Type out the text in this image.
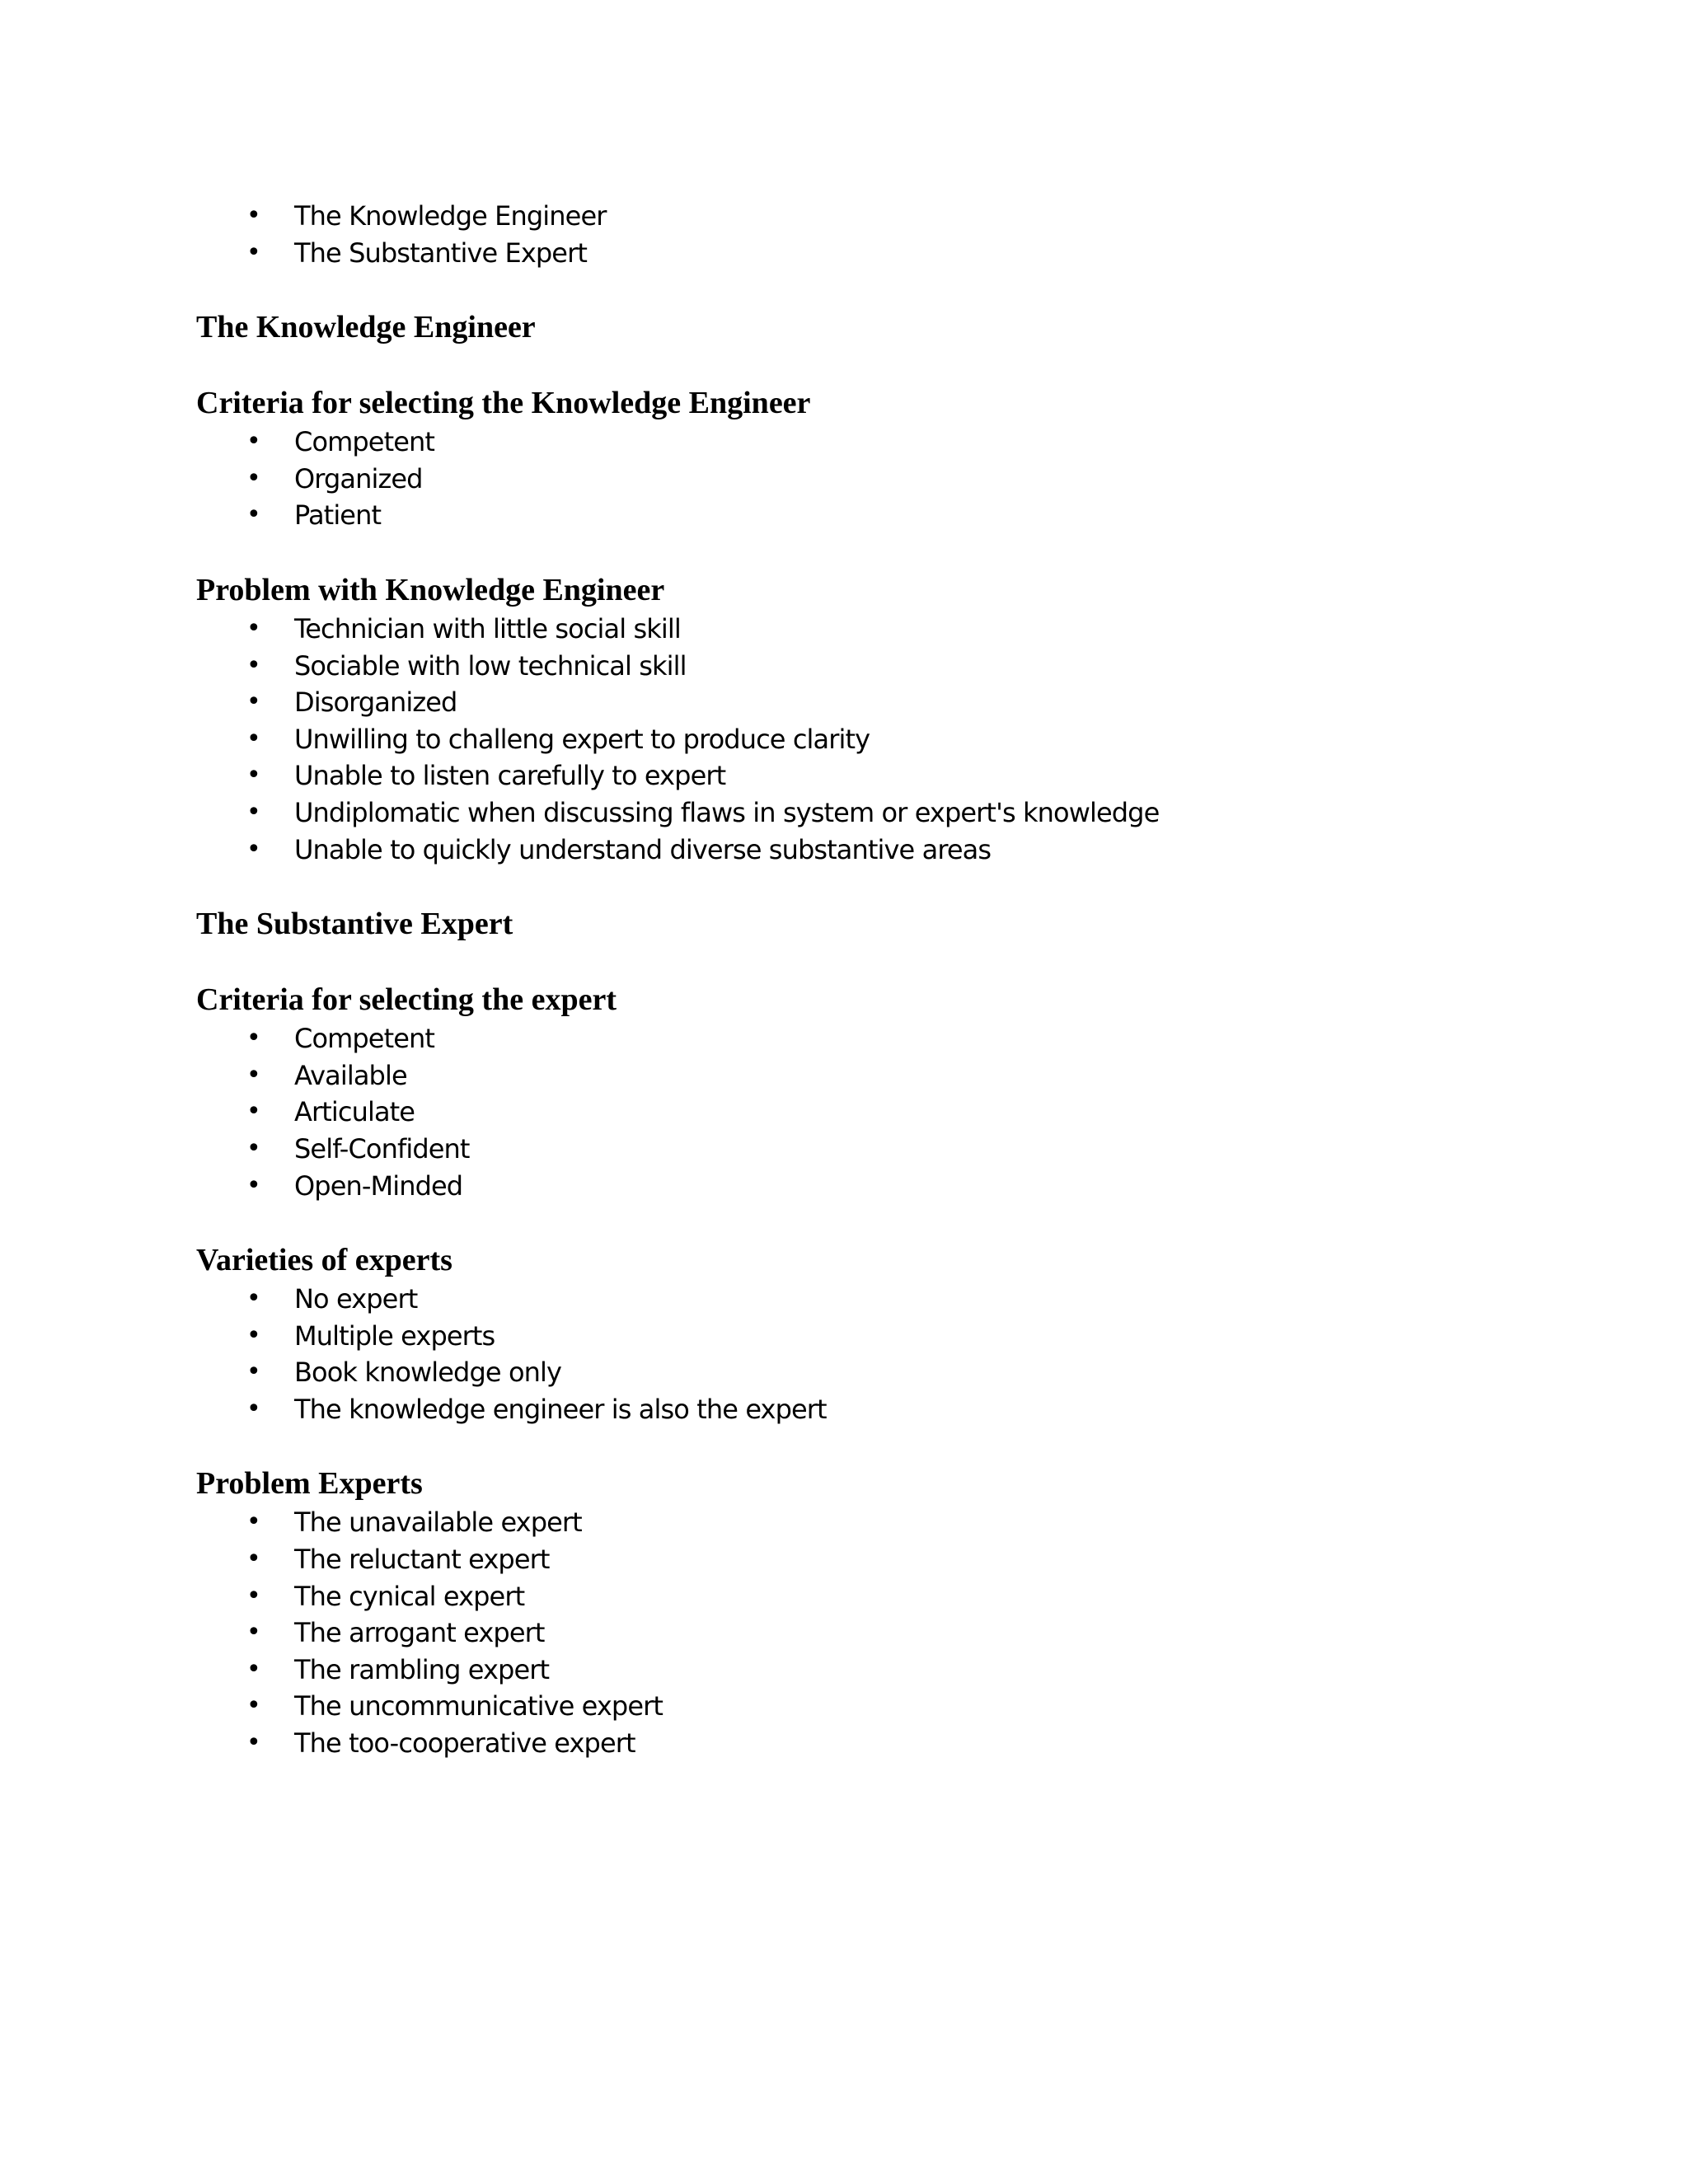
• The Knowledge Engineer
• The Substantive Expert
The Knowledge Engineer
Criteria for selecting the Knowledge Engineer
• Competent
• Organized
• Patient
Problem with Knowledge Engineer
• Technician with little social skill
• Sociable with low technical skill
• Disorganized
• Unwilling to challeng expert to produce clarity
• Unable to listen carefully to expert
• Undiplomatic when discussing flaws in system or expert's knowledge
• Unable to quickly understand diverse substantive areas
The Substantive Expert
Criteria for selecting the expert
• Competent
• Available
• Articulate
• Self-Confident
• Open-Minded
Varieties of experts
• No expert
• Multiple experts
• Book knowledge only
• The knowledge engineer is also the expert
Problem Experts
• The unavailable expert
• The reluctant expert
• The cynical expert
• The arrogant expert
• The rambling expert
• The uncommunicative expert
• The too-cooperative expert
